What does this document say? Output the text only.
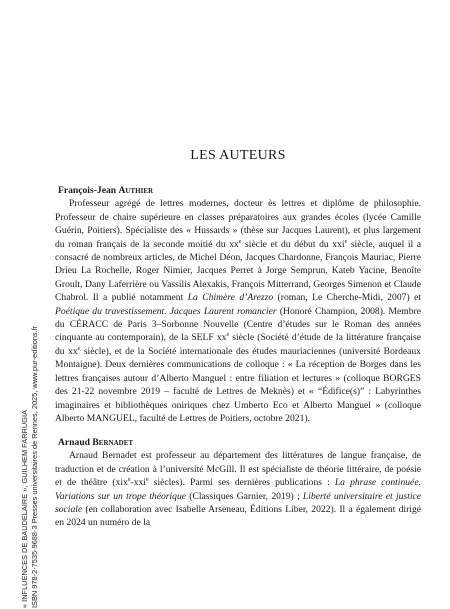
« INFLUENCES DE BAUDELAIRE », GUILHEM FARRUGIA ISBN 978-2-7535-9688-3 Presses universitaires de Rennes, 2025, www.pur-editions.fr
LES AUTEURS
François-Jean Authier

Professeur agrégé de lettres modernes, docteur ès lettres et diplôme de philosophie. Professeur de chaire supérieure en classes préparatoires aux grandes écoles (lycée Camille Guérin, Poitiers). Spécialiste des « Hussards » (thèse sur Jacques Laurent), et plus largement du roman français de la seconde moitié du $xx^e$ siècle et du début du xxi$^e$ siècle, auquel il a consacré de nombreux articles, de Michel Déon, Jacques Chardonne, François Mauriac, Pierre Drieu La Rochelle, Roger Nimier, Jacques Perret à Jorge Semprun, Kateb Yacine, Benoîte Groult, Dany Laferrière ou Vassilis Alexakis, François Mitterrand, Georges Simenon et Claude Chabrol. Il a publié notamment La Chimère d’Arezzo (roman, Le Cherche-Midi, 2007) et Poétique du travestissement. Jacques Laurent romancier (Honoré Champion, 2008). Membre du CÉRACC de Paris 3–Sorbonne Nouvelle (Centre d’études sur le Roman des années cinquante au contemporain), de la SELF $xx^e$ siècle (Société d’étude de la littérature française du $xx^e$ siècle), et de la Société internationale des études mauriaciennes (université Bordeaux Montaigne). Deux dernières communications de colloque : « La réception de Borges dans les lettres françaises autour d’Alberto Manguel : entre filiation et lectures » (colloque BORGES des 21-22 novembre 2019 – faculté de Lettres de Meknès) et « “Édifice(s)” : Labyrinthes imaginaires et bibliothèques oniriques chez Umberto Eco et Alberto Manguel » (colloque Alberto MANGUEL, faculté de Lettres de Poitiers, octobre 2021).

Arnaud Bernadet

Arnaud Bernadet est professeur au département des littératures de langue française, de traduction et de création à l’université McGill. Il est spécialiste de théorie littéraire, de poésie et de théâtre (xix$^e$-xxi$^e$ siècles). Parmi ses dernières publications : La phrase continuée. Variations sur un trope théorique (Classiques Garnier, 2019) ; Liberté universitaire et justice sociale (en collaboration avec Isabelle Arseneau, Éditions Liber, 2022). Il a également dirigé en 2024 un numéro de la
